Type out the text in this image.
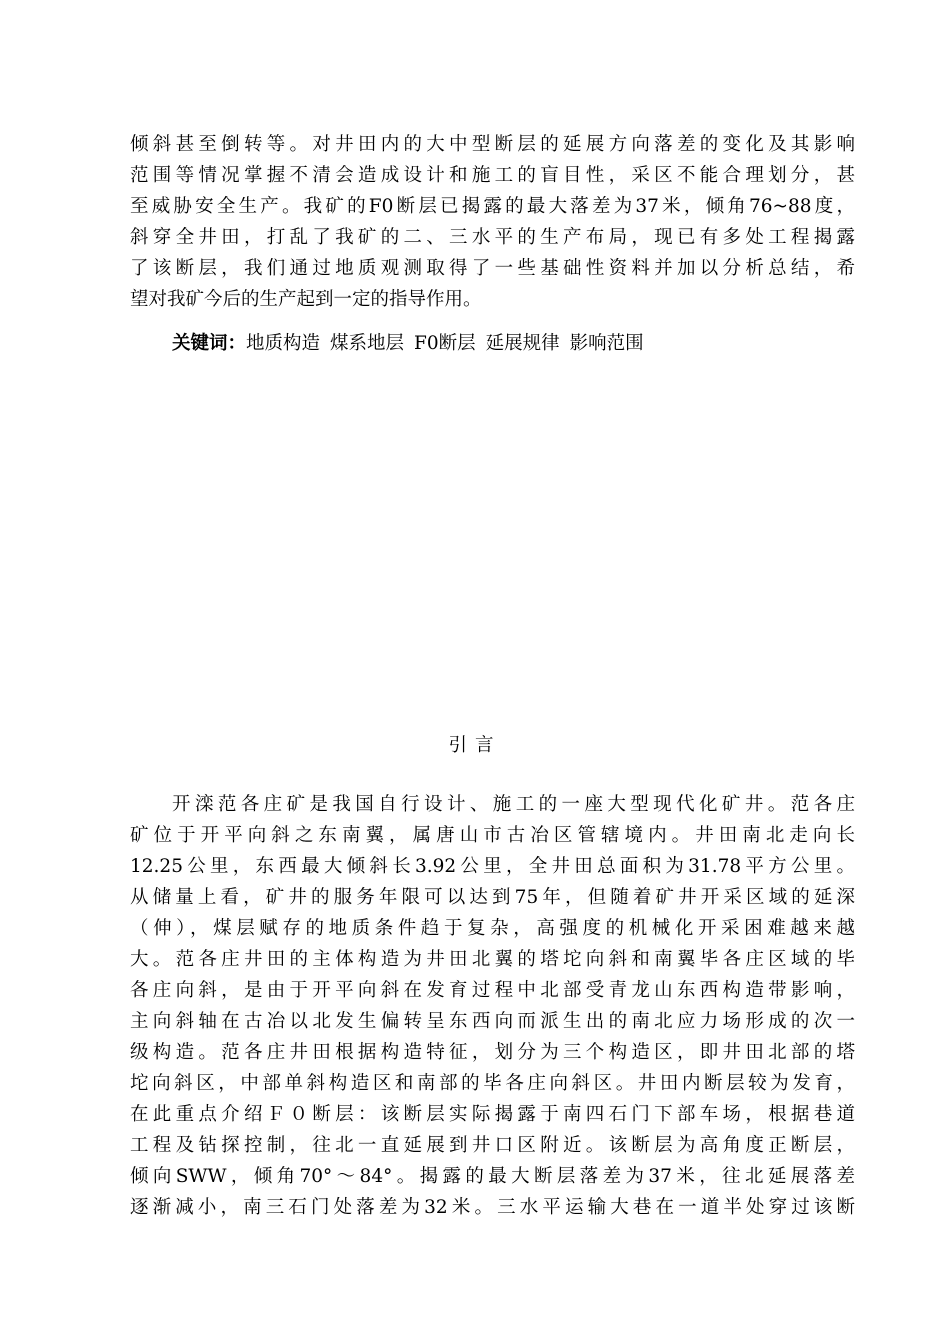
倾斜甚至倒转等。对井田内的大中型断层的延展方向落差的变化及其影响
范围等情况掌握不清会造成设计和施工的盲目性，采区不能合理划分，甚
至威胁安全生产。我矿的F0断层已揭露的最大落差为37米，倾角76~88度，
斜穿全井田，打乱了我矿的二、三水平的生产布局，现已有多处工程揭露
了该断层，我们通过地质观测取得了一些基础性资料并加以分析总结，希
望对我矿今后的生产起到一定的指导作用。
关键词：地质构造 煤系地层 F0断层 延展规律 影响范围
引言
开滦范各庄矿是我国自行设计、施工的一座大型现代化矿井。范各庄
矿位于开平向斜之东南翼，属唐山市古冶区管辖境内。井田南北走向长
12.25公里，东西最大倾斜长3.92公里，全井田总面积为31.78平方公里。
从储量上看，矿井的服务年限可以达到75年，但随着矿井开采区域的延深
（伸），煤层赋存的地质条件趋于复杂，高强度的机械化开采困难越来越
大。范各庄井田的主体构造为井田北翼的塔坨向斜和南翼毕各庄区域的毕
各庄向斜，是由于开平向斜在发育过程中北部受青龙山东西构造带影响，
主向斜轴在古冶以北发生偏转呈东西向而派生出的南北应力场形成的次一
级构造。范各庄井田根据构造特征，划分为三个构造区，即井田北部的塔
坨向斜区，中部单斜构造区和南部的毕各庄向斜区。井田内断层较为发育，
在此重点介绍Ｆ０断层：该断层实际揭露于南四石门下部车场，根据巷道
工程及钻探控制，往北一直延展到井口区附近。该断层为高角度正断层，
倾向SWW，倾角70°～84°。揭露的最大断层落差为37米，往北延展落差
逐渐减小，南三石门处落差为32米。三水平运输大巷在一道半处穿过该断
